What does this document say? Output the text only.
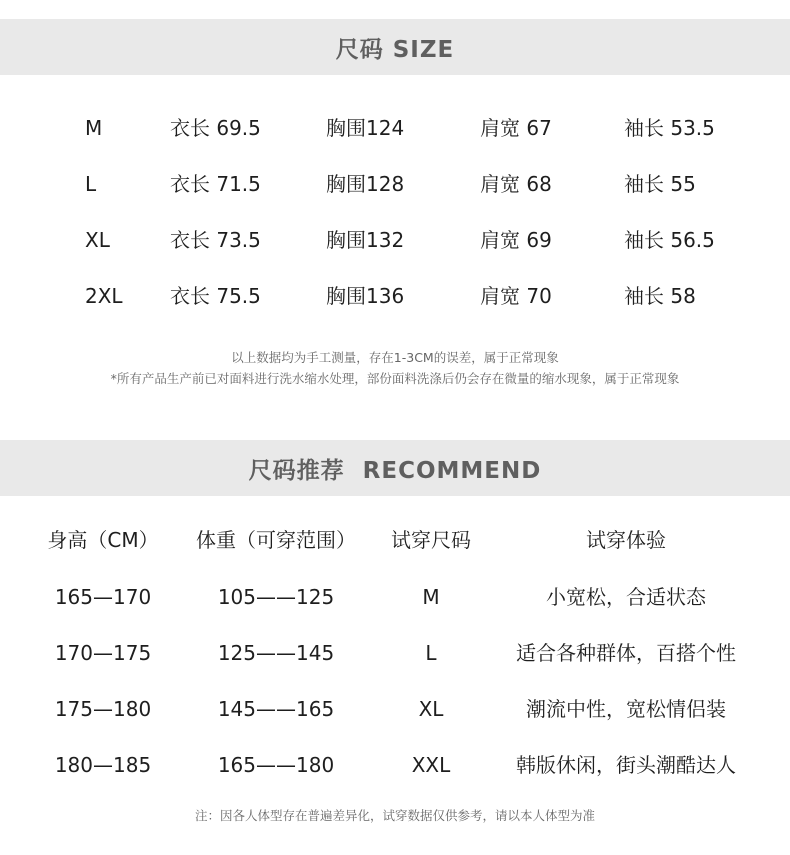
尺码 SIZE
M	衣长 69.5	胸围124	肩宽 67	袖长 53.5
L	衣长 71.5	胸围128	肩宽 68	袖长 55
XL	衣长 73.5	胸围132	肩宽 69	袖长 56.5
2XL 衣长 75.5	胸围136	肩宽 70	袖长 58
以上数据均为手工测量，存在1-3CM的误差，属于正常现象
*所有产品生产前已对面料进行洗水缩水处理，部份面料洗涤后仍会存在微量的缩水现象，属于正常现象
尺码推荐  RECOMMEND
身高（CM） 体重（可穿范围） 试穿尺码	试穿体验
165—170	105——125	M	小宽松，合适状态
170—175	125——145	L	适合各种群体，百搭个性
175—180	145——165	XL	潮流中性，宽松情侣装
180—185	165——180	XXL	韩版休闲，街头潮酷达人
注：因各人体型存在普遍差异化，试穿数据仅供参考，请以本人体型为准
